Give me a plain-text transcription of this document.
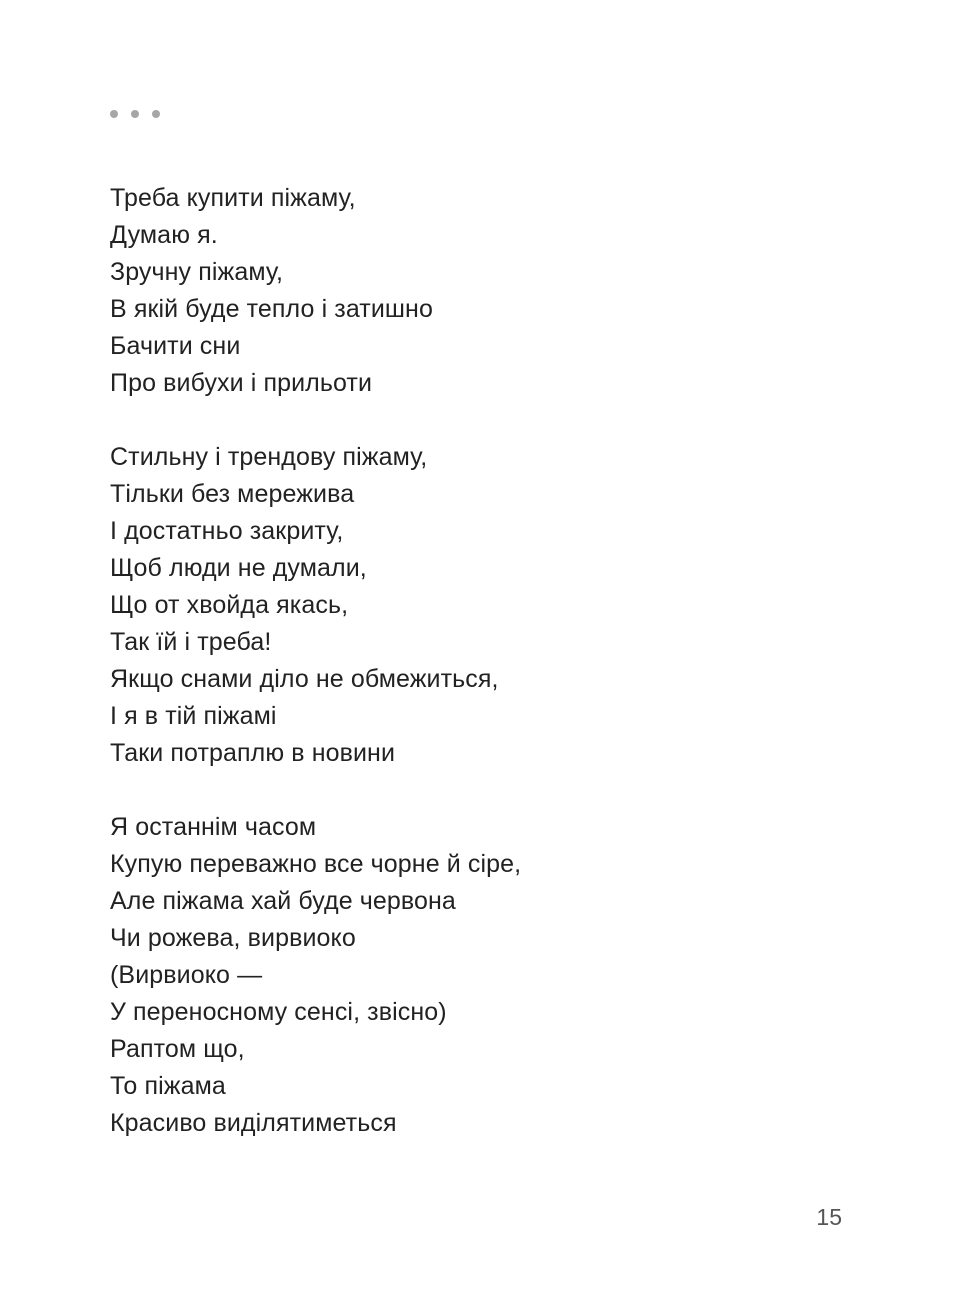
Треба купити піжаму,
Думаю я.
Зручну піжаму,
В якій буде тепло і затишно
Бачити сни
Про вибухи і прильоти
Стильну і трендову піжаму,
Тільки без мережива
І достатньо закриту,
Щоб люди не думали,
Що от хвойда якась,
Так їй і треба!
Якщо снами діло не обмежиться,
І я в тій піжамі
Таки потраплю в новини
Я останнім часом
Купую переважно все чорне й сіре,
Але піжама хай буде червона
Чи рожева, вирвиоко
(Вирвиоко —
У переносному сенсі, звісно)
Раптом що,
То піжама
Красиво виділятиметься
15
